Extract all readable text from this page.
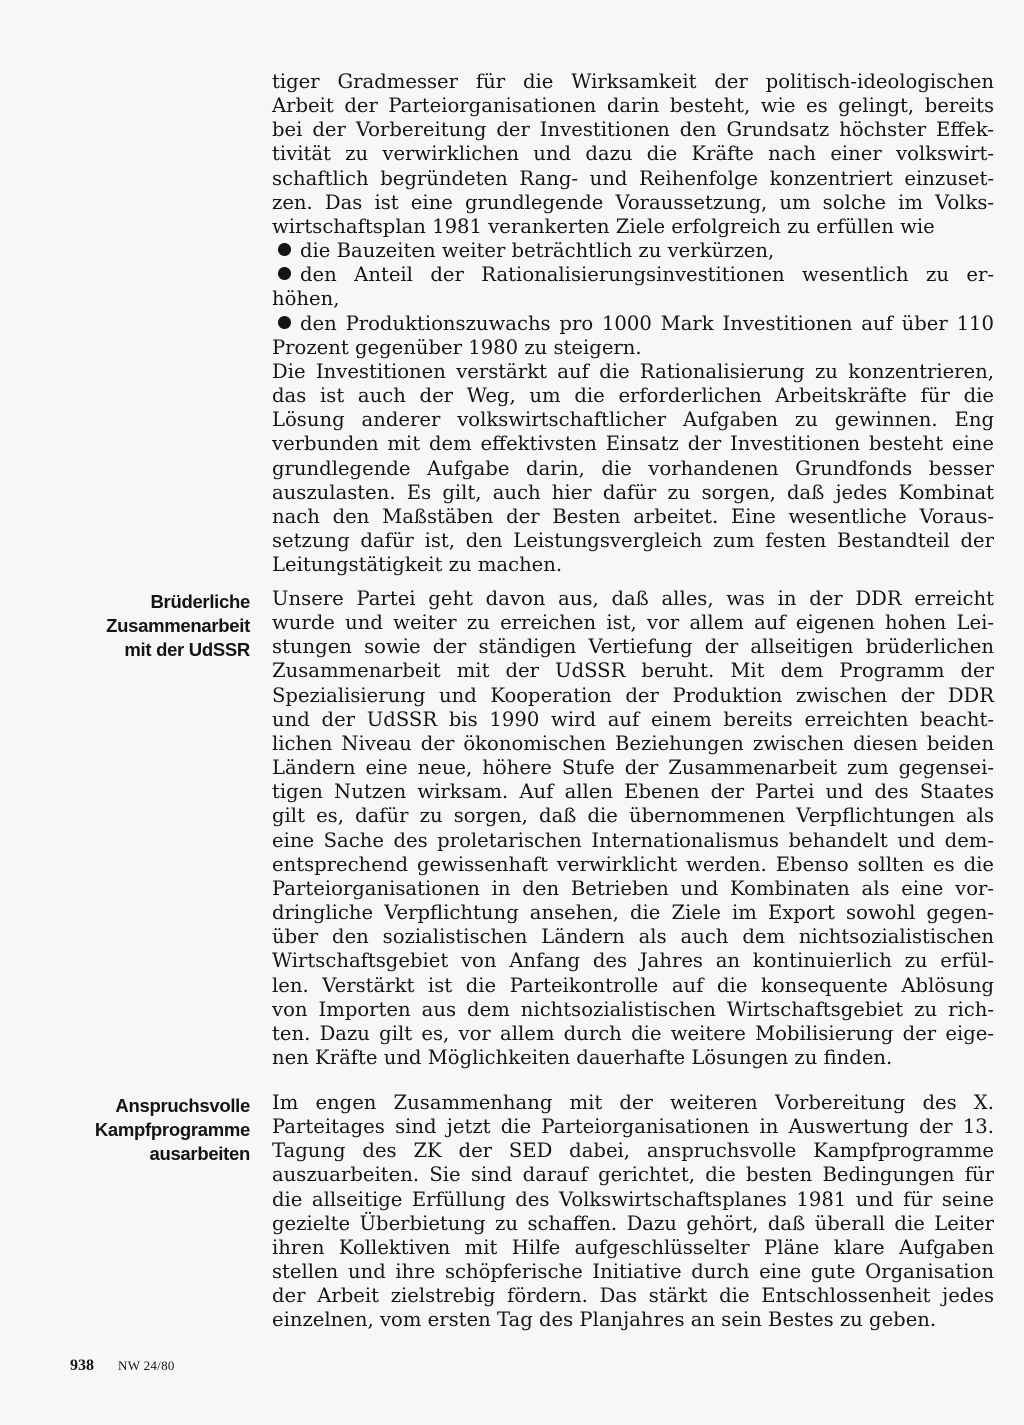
tiger Gradmesser für die Wirksamkeit der politisch-ideologischen
Arbeit der Parteiorganisationen darin besteht, wie es gelingt, bereits
bei der Vorbereitung der Investitionen den Grundsatz höchster Effek-
tivität zu verwirklichen und dazu die Kräfte nach einer volkswirt-
schaftlich begründeten Rang- und Reihenfolge konzentriert einzuset-
zen. Das ist eine grundlegende Voraussetzung, um solche im Volks-
wirtschaftsplan 1981 verankerten Ziele erfolgreich zu erfüllen wie

die Bauzeiten weiter beträchtlich zu verkürzen,
den Anteil der Rationalisierungsinvestitionen wesentlich zu er-
höhen,
den Produktionszuwachs pro 1000 Mark Investitionen auf über 110
Prozent gegenüber 1980 zu steigern.

Die Investitionen verstärkt auf die Rationalisierung zu konzentrieren,
das ist auch der Weg, um die erforderlichen Arbeitskräfte für die
Lösung anderer volkswirtschaftlicher Aufgaben zu gewinnen. Eng
verbunden mit dem effektivsten Einsatz der Investitionen besteht eine
grundlegende Aufgabe darin, die vorhandenen Grundfonds besser
auszulasten. Es gilt, auch hier dafür zu sorgen, daß jedes Kombinat
nach den Maßstäben der Besten arbeitet. Eine wesentliche Voraus-
setzung dafür ist, den Leistungsvergleich zum festen Bestandteil der
Leitungstätigkeit zu machen.

Brüderliche
Zusammenarbeit
mit der UdSSR

Unsere Partei geht davon aus, daß alles, was in der DDR erreicht
wurde und weiter zu erreichen ist, vor allem auf eigenen hohen Lei-
stungen sowie der ständigen Vertiefung der allseitigen brüderlichen
Zusammenarbeit mit der UdSSR beruht. Mit dem Programm der
Spezialisierung und Kooperation der Produktion zwischen der DDR
und der UdSSR bis 1990 wird auf einem bereits erreichten beacht-
lichen Niveau der ökonomischen Beziehungen zwischen diesen beiden
Ländern eine neue, höhere Stufe der Zusammenarbeit zum gegensei-
tigen Nutzen wirksam. Auf allen Ebenen der Partei und des Staates
gilt es, dafür zu sorgen, daß die übernommenen Verpflichtungen als
eine Sache des proletarischen Internationalismus behandelt und dem-
entsprechend gewissenhaft verwirklicht werden. Ebenso sollten es die
Parteiorganisationen in den Betrieben und Kombinaten als eine vor-
dringliche Verpflichtung ansehen, die Ziele im Export sowohl gegen-
über den sozialistischen Ländern als auch dem nichtsozialistischen
Wirtschaftsgebiet von Anfang des Jahres an kontinuierlich zu erfül-
len. Verstärkt ist die Parteikontrolle auf die konsequente Ablösung
von Importen aus dem nichtsozialistischen Wirtschaftsgebiet zu rich-
ten. Dazu gilt es, vor allem durch die weitere Mobilisierung der eige-
nen Kräfte und Möglichkeiten dauerhafte Lösungen zu finden.

Anspruchsvolle
Kampfprogramme
ausarbeiten

Im engen Zusammenhang mit der weiteren Vorbereitung des X.
Parteitages sind jetzt die Parteiorganisationen in Auswertung der 13.
Tagung des ZK der SED dabei, anspruchsvolle Kampfprogramme
auszuarbeiten. Sie sind darauf gerichtet, die besten Bedingungen für
die allseitige Erfüllung des Volkswirtschaftsplanes 1981 und für seine
gezielte Überbietung zu schaffen. Dazu gehört, daß überall die Leiter
ihren Kollektiven mit Hilfe aufgeschlüsselter Pläne klare Aufgaben
stellen und ihre schöpferische Initiative durch eine gute Organisation
der Arbeit zielstrebig fördern. Das stärkt die Entschlossenheit jedes
einzelnen, vom ersten Tag des Planjahres an sein Bestes zu geben.

938 NW 24/80
